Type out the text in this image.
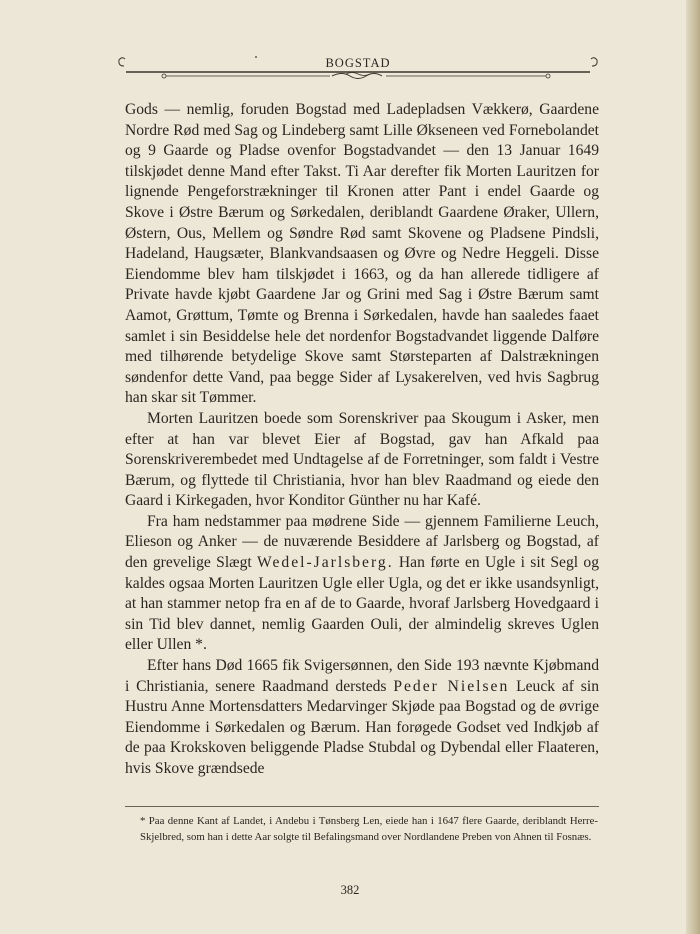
BOGSTAD

Gods — nemlig, foruden Bogstad med Ladepladsen Vækkerø, Gaardene Nordre Rød med Sag og Lindeberg samt Lille Økseneen ved Fornebolandet og 9 Gaarde og Pladse ovenfor Bogstadvandet — den 13 Januar 1649 tilskjødet denne Mand efter Takst. Ti Aar derefter fik Morten Lauritzen for lignende Pengeforstrækninger til Kronen atter Pant i endel Gaarde og Skove i Østre Bærum og Sørkedalen, deriblandt Gaardene Øraker, Ullern, Østern, Ous, Mellem og Søndre Rød samt Skovene og Pladsene Pindsli, Hadeland, Haugsæter, Blankvandsaasen og Øvre og Nedre Heggeli. Disse Eiendomme blev ham tilskjødet i 1663, og da han allerede tidligere af Private havde kjøbt Gaardene Jar og Grini med Sag i Østre Bærum samt Aamot, Grøttum, Tømte og Brenna i Sørkedalen, havde han saaledes faaet samlet i sin Besiddelse hele det nordenfor Bogstadvandet liggende Dalføre med tilhørende betydelige Skove samt Størsteparten af Dalstrækningen søndenfor dette Vand, paa begge Sider af Lysakerelven, ved hvis Sagbrug han skar sit Tømmer.

Morten Lauritzen boede som Sorenskriver paa Skougum i Asker, men efter at han var blevet Eier af Bogstad, gav han Afkald paa Sorenskriverembedet med Undtagelse af de Forretninger, som faldt i Vestre Bærum, og flyttede til Christiania, hvor han blev Raadmand og eiede den Gaard i Kirkegaden, hvor Konditor Günther nu har Kafé.

Fra ham nedstammer paa mødrene Side — gjennem Familierne Leuch, Elieson og Anker — de nuværende Besiddere af Jarlsberg og Bogstad, af den grevelige Slægt Wedel-Jarlsberg. Han førte en Ugle i sit Segl og kaldes ogsaa Morten Lauritzen Ugle eller Ugla, og det er ikke usandsynligt, at han stammer netop fra en af de to Gaarde, hvoraf Jarlsberg Hovedgaard i sin Tid blev dannet, nemlig Gaarden Ouli, der almindelig skreves Uglen eller Ullen *.

Efter hans Død 1665 fik Svigersønnen, den Side 193 nævnte Kjøbmand i Christiania, senere Raadmand dersteds Peder Nielsen Leuck af sin Hustru Anne Mortensdatters Medarvinger Skjøde paa Bogstad og de øvrige Eiendomme i Sørkedalen og Bærum. Han forøgede Godset ved Indkjøb af de paa Krokskoven beliggende Pladse Stubdal og Dybendal eller Flaateren, hvis Skove grændsede

* Paa denne Kant af Landet, i Andebu i Tønsberg Len, eiede han i 1647 flere Gaarde, deriblandt Herre-Skjelbred, som han i dette Aar solgte til Befalingsmand over Nordlandene Preben von Ahnen til Fosnæs.
382
